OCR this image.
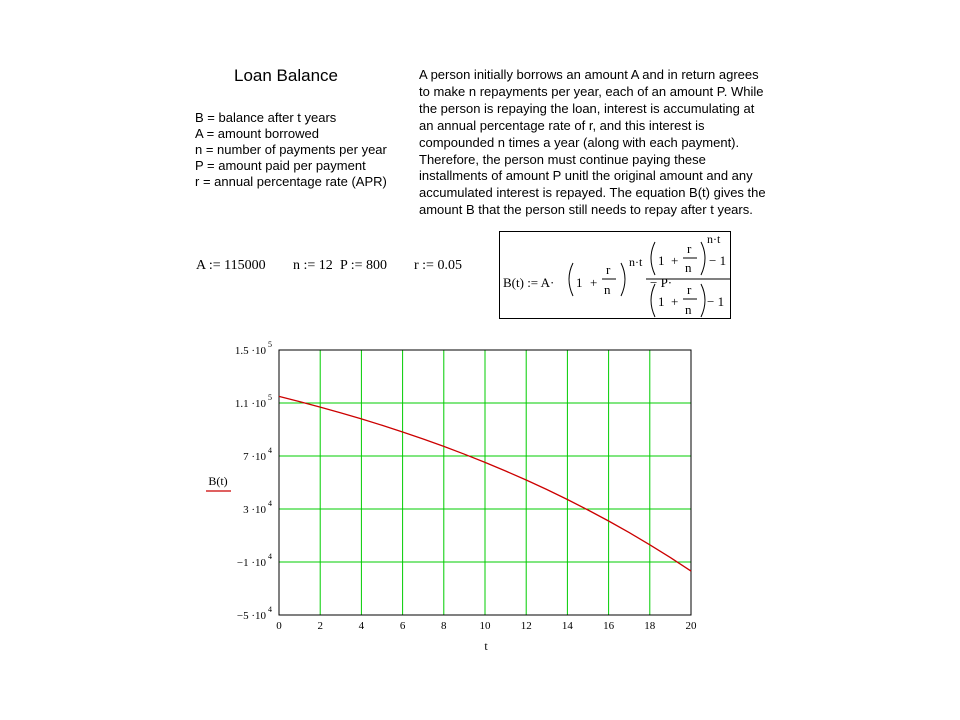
Loan Balance
B = balance after t years
A = amount borrowed
n = number of payments per year
P = amount paid per payment
r = annual percentage rate (APR)
A person initially borrows an amount A and in return agrees to make n repayments per year, each of an amount P. While the person is repaying the loan, interest is accumulating at an annual percentage rate of r, and this interest is compounded n times a year (along with each payment). Therefore, the person must continue paying these installments of amount P unitl the original amount and any accumulated interest is repayed. The equation B(t) gives the amount B that the person still needs to repay after t years.
A := 115000 n := 12 P := 800 r := 0.05
B(t) := A· 1 +
r
n
n·t
− P·
1 +
r
n
n·t
− 1
1 +
r
n
− 1
0	2	4	6	8	10	12	14	16	18	20
1.5 ·10
5
1.1 ·10
5
7 ·10
4
3 ·10
4
−1 ·10
4
−5 ·10
4
t
B(t)
